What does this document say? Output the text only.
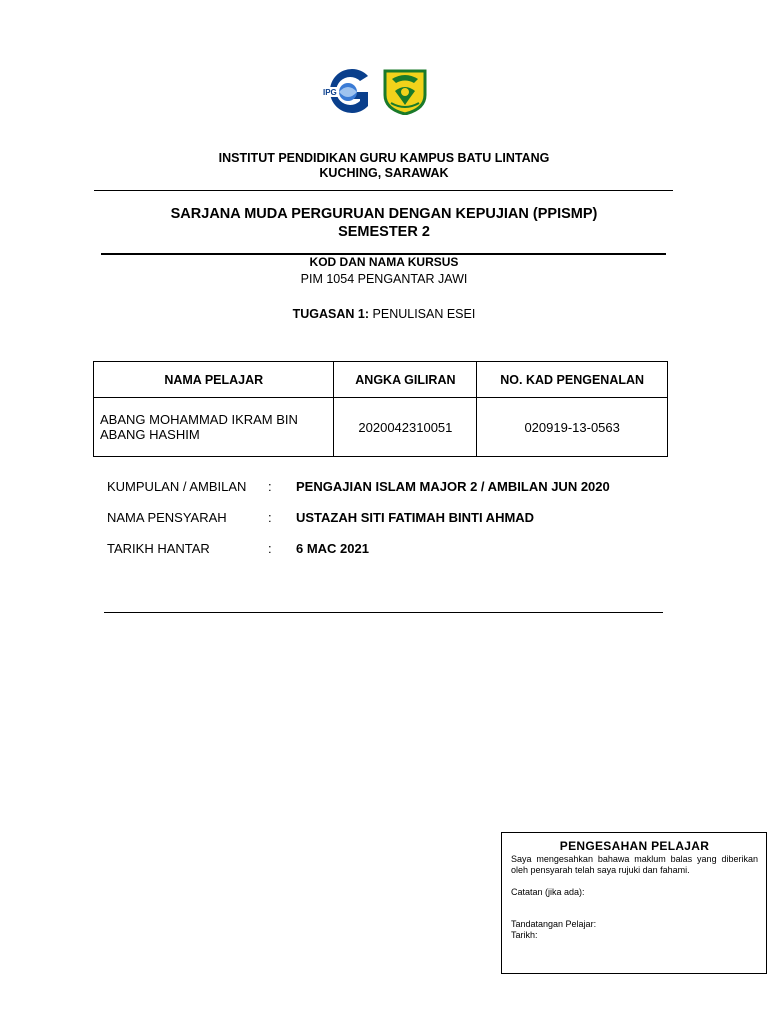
IPG
INSTITUT PENDIDIKAN GURU KAMPUS BATU LINTANG
KUCHING, SARAWAK
SARJANA MUDA PERGURUAN DENGAN KEPUJIAN (PPISMP)
SEMESTER 2
KOD DAN NAMA KURSUS
PIM 1054 PENGANTAR JAWI
TUGASAN 1: PENULISAN ESEI
NAMA PELAJAR	ANGKA GILIRAN	NO. KAD PENGENALAN
ABANG MOHAMMAD IKRAM BIN ABANG HASHIM	2020042310051	020919-13-0563
KUMPULAN / AMBILAN	: PENGAJIAN ISLAM MAJOR 2 / AMBILAN JUN 2020
NAMA PENSYARAH	: USTAZAH SITI FATIMAH BINTI AHMAD
TARIKH HANTAR	: 6 MAC 2021
PENGESAHAN PELAJAR
Saya mengesahkan bahawa maklum balas yang diberikan oleh pensyarah telah saya rujuki dan fahami.
Catatan (jika ada):
Tandatangan Pelajar:
Tarikh:
